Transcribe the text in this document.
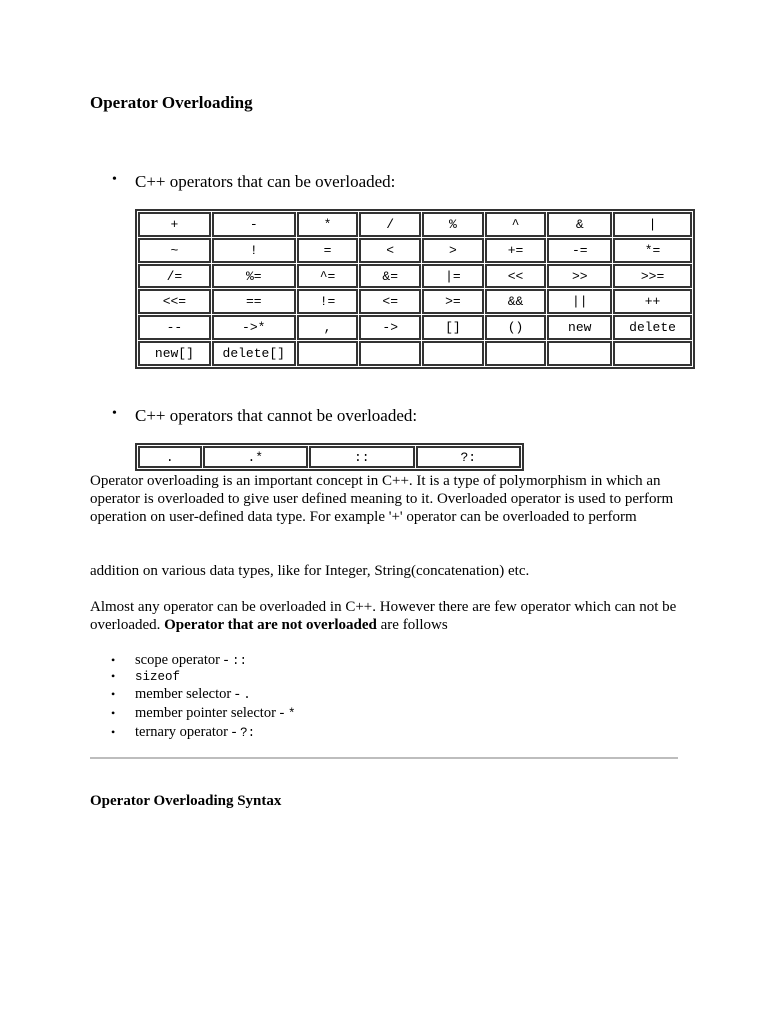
Operator Overloading
• C++ operators that can be overloaded:
+	-	*	/	%	^	&	|
~	!	=	<	>	+=	-=	*=
/=	%=	^=	&=	|=	<<	>>	>>=
<<=	==	!=	<=	>=	&&	||	++
--	->*	,	->	[]	()	new	delete
new[]	delete[]						
• C++ operators that cannot be overloaded:
.	.*	::	?:

Operator overloading is an important concept in C++. It is a type of polymorphism in which an operator is overloaded to give user defined meaning to it. Overloaded operator is used to perform operation on user-defined data type. For example '+' operator can be overloaded to perform

addition on various data types, like for Integer, String(concatenation) etc.

Almost any operator can be overloaded in C++. However there are few operator which can not be overloaded. Operator that are not overloaded are follows

• scope operator - ::
• sizeof
• member selector - .
• member pointer selector - *
• ternary operator - ?:
Operator Overloading Syntax
